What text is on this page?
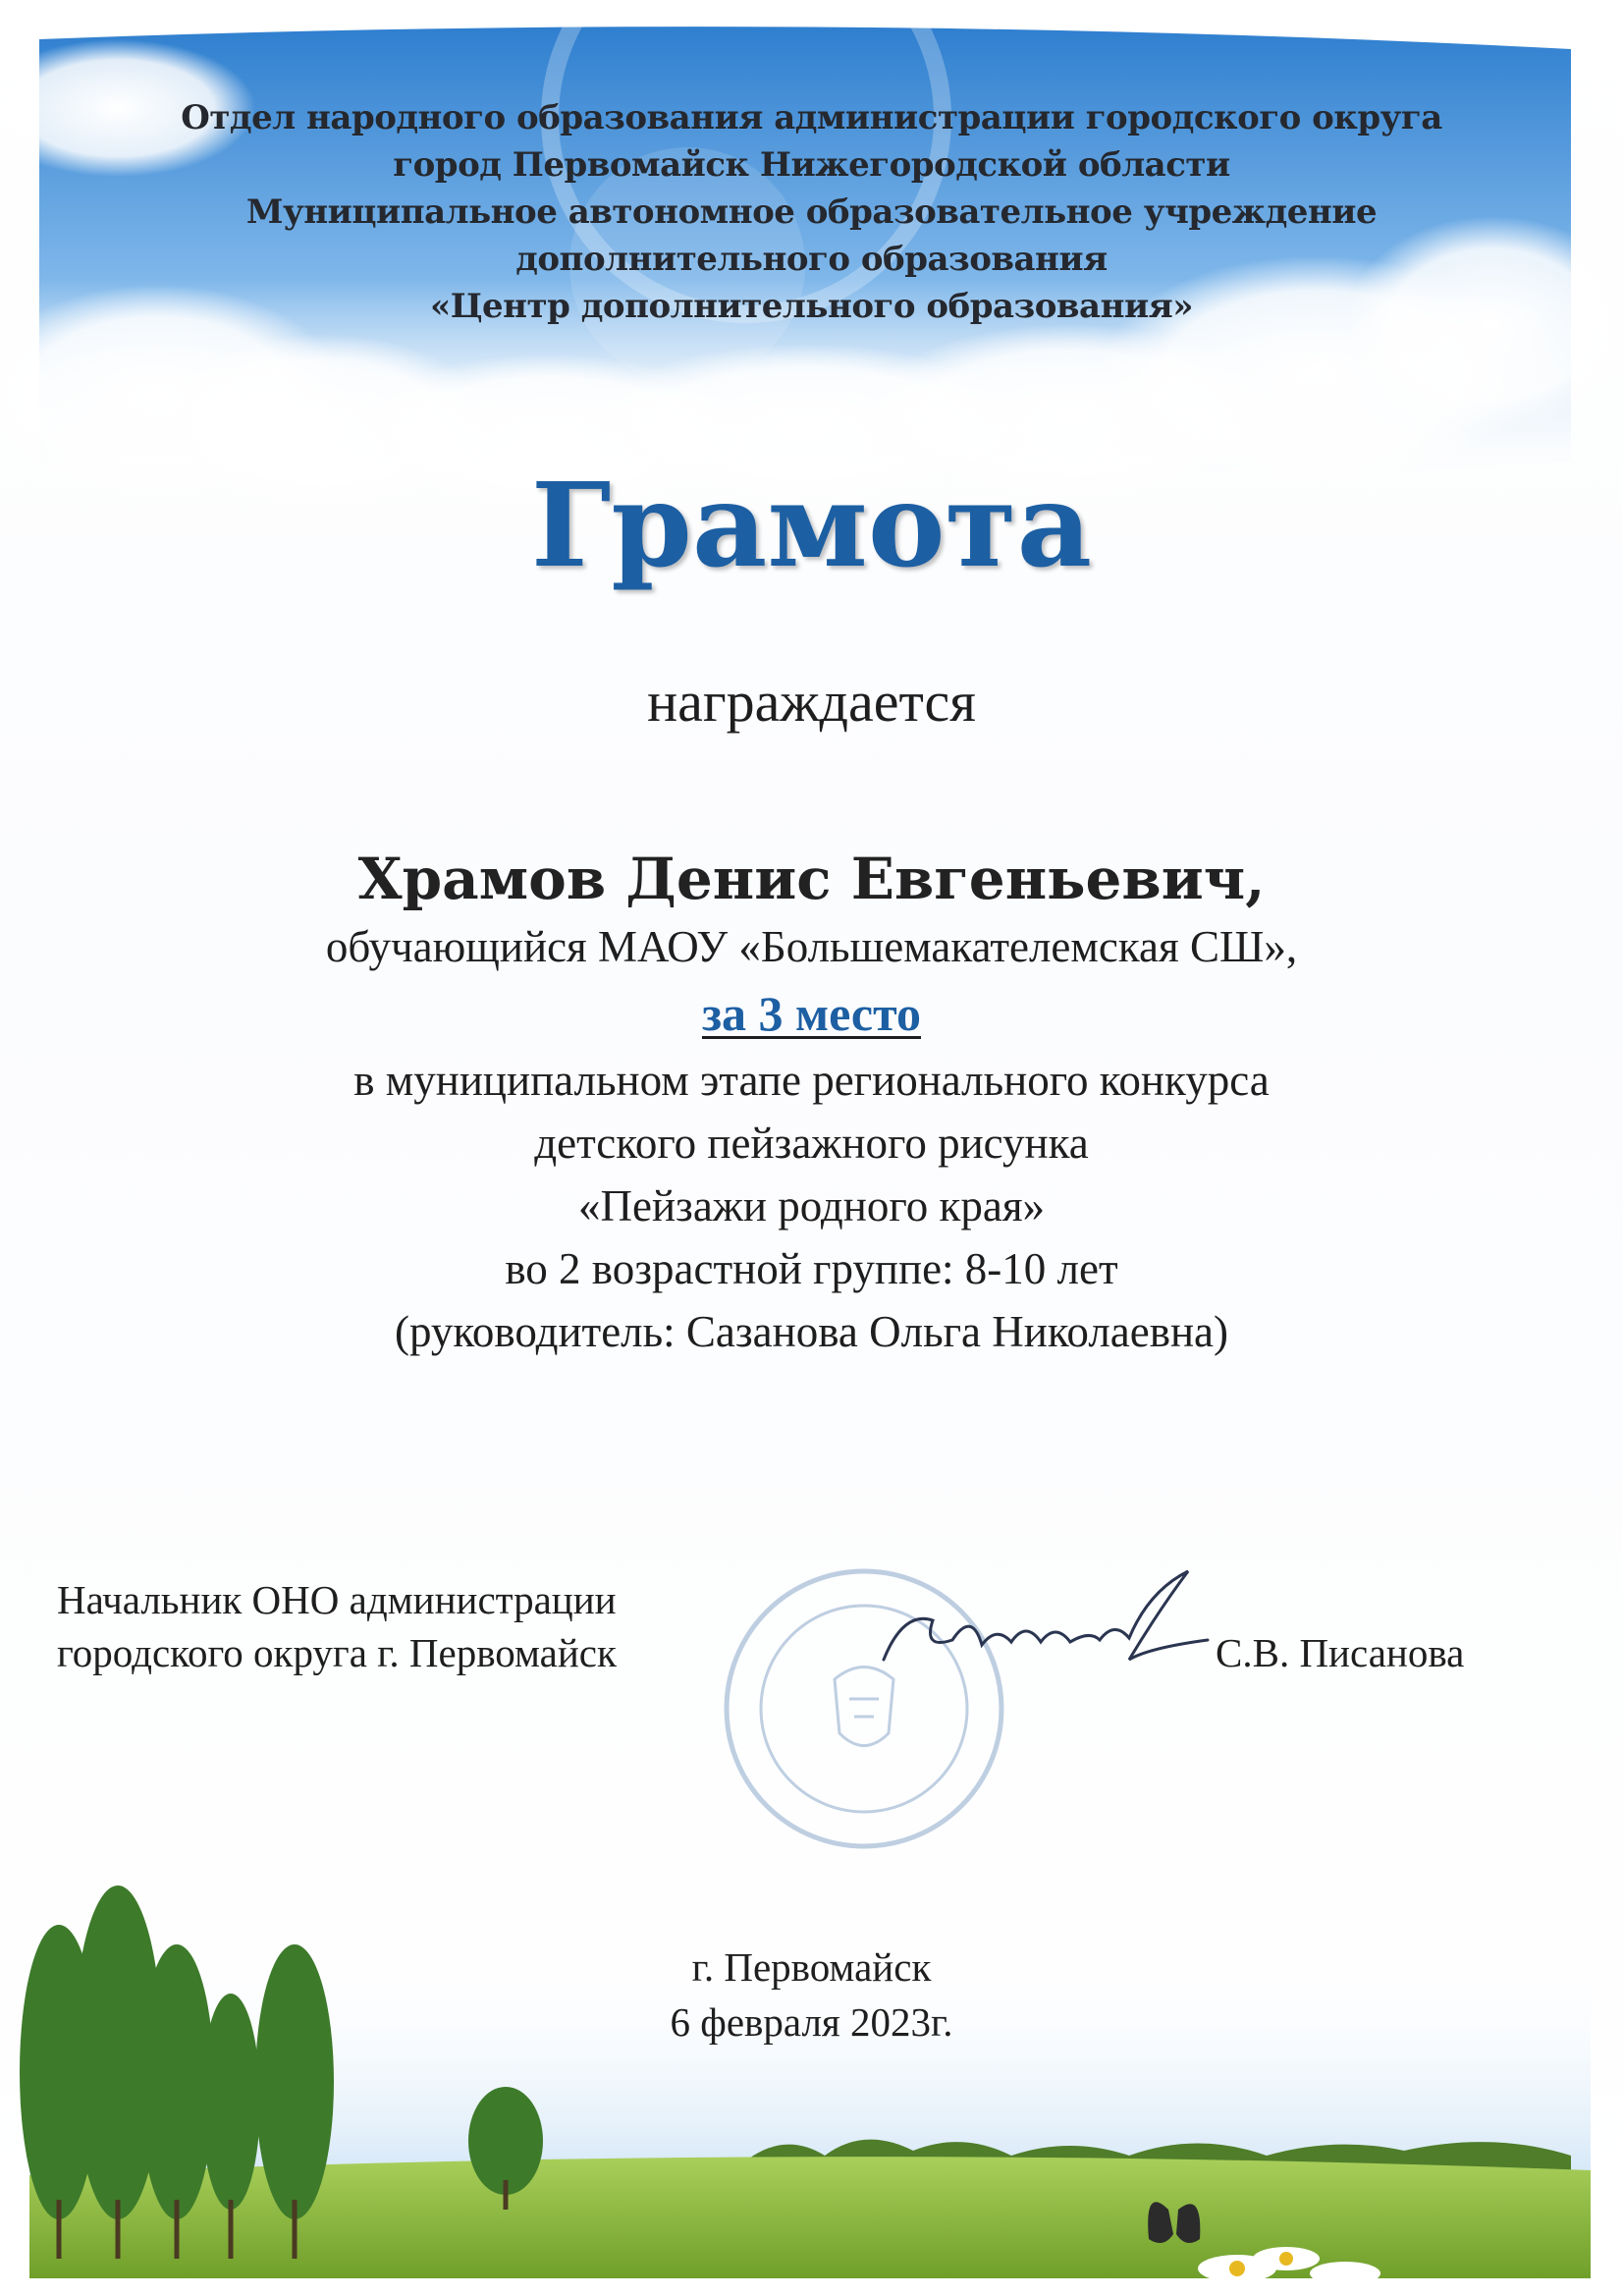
Отдел народного образования администрации городского округа
город Первомайск Нижегородской области
Муниципальное автономное образовательное учреждение
дополнительного образования
«Центр дополнительного образования»
Грамота
награждается
Храмов Денис Евгеньевич,
обучающийся МАОУ «Большемакателемская СШ»,
за 3 место
в муниципальном этапе регионального конкурса
детского пейзажного рисунка
«Пейзажи родного края»
во 2 возрастной группе: 8-10 лет
(руководитель: Сазанова Ольга Николаевна)
Начальник ОНО администрации
городского округа г. Первомайск	С.В. Писанова
г. Первомайск
6 февраля 2023г.
